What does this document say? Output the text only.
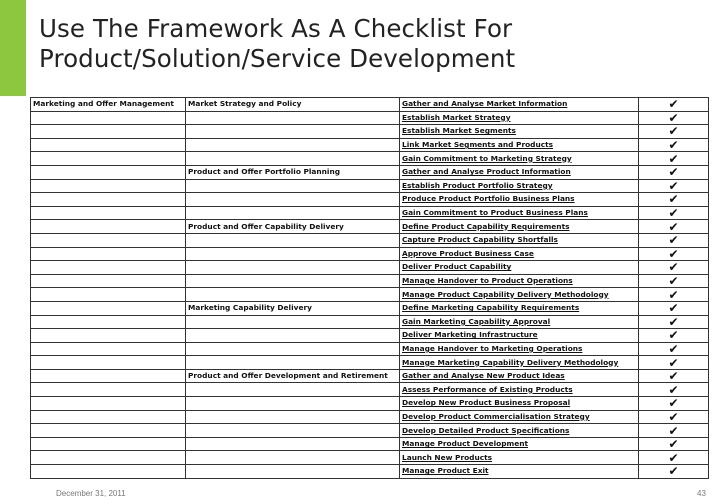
Use The Framework As A Checklist For
Product/Solution/Service Development
Marketing and Offer Management	Market Strategy and Policy	Gather and Analyse Market Information	✔
		Establish Market Strategy	✔
		Establish Market Segments	✔
		Link Market Segments and Products	✔
		Gain Commitment to Marketing Strategy	✔
	Product and Offer Portfolio Planning	Gather and Analyse Product Information	✔
		Establish Product Portfolio Strategy	✔
		Produce Product Portfolio Business Plans	✔
		Gain Commitment to Product Business Plans	✔
	Product and Offer Capability Delivery	Define Product Capability Requirements	✔
		Capture Product Capability Shortfalls	✔
		Approve Product Business Case	✔
		Deliver Product Capability	✔
		Manage Handover to Product Operations	✔
		Manage Product Capability Delivery Methodology	✔
	Marketing Capability Delivery	Define Marketing Capability Requirements	✔
		Gain Marketing Capability Approval	✔
		Deliver Marketing Infrastructure	✔
		Manage Handover to Marketing Operations	✔
		Manage Marketing Capability Delivery Methodology	✔
	Product and Offer Development and Retirement	Gather and Analyse New Product Ideas	✔
		Assess Performance of Existing Products	✔
		Develop New Product Business Proposal	✔
		Develop Product Commercialisation Strategy	✔
		Develop Detailed Product Specifications	✔
		Manage Product Development	✔
		Launch New Products	✔
		Manage Product Exit	✔
December 31, 2011	43
